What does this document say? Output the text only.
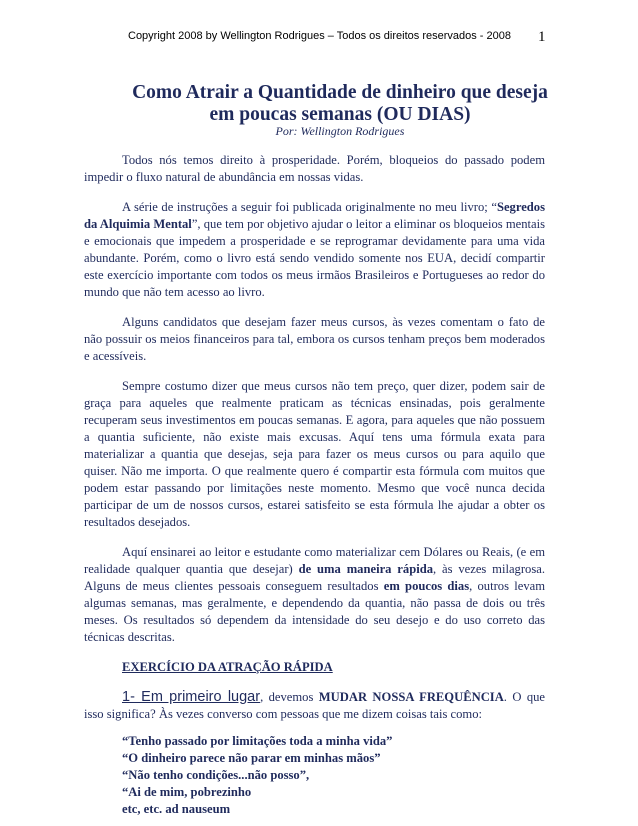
Copyright 2008 by Wellington Rodrigues – Todos os direitos reservados - 2008 1
Como Atrair a Quantidade de dinheiro que deseja
em poucas semanas (OU DIAS)
Por: Wellington Rodrigues

Todos nós temos direito à prosperidade. Porém, bloqueios do passado podem impedir o fluxo natural de abundância em nossas vidas.

A série de instruções a seguir foi publicada originalmente no meu livro; “Segredos da Alquimia Mental”, que tem por objetivo ajudar o leitor a eliminar os bloqueios mentais e emocionais que impedem a prosperidade e se reprogramar devidamente para uma vida abundante. Porém, como o livro está sendo vendido somente nos EUA, decidí compartir este exercício importante com todos os meus irmãos Brasileiros e Portugueses ao redor do mundo que não tem acesso ao livro.

Alguns candidatos que desejam fazer meus cursos, às vezes comentam o fato de não possuir os meios financeiros para tal, embora os cursos tenham preços bem moderados e acessíveis.

Sempre costumo dizer que meus cursos não tem preço, quer dizer, podem sair de graça para aqueles que realmente praticam as técnicas ensinadas, pois geralmente recuperam seus investimentos em poucas semanas. E agora, para aqueles que não possuem a quantia suficiente, não existe mais excusas. Aquí tens uma fórmula exata para materializar a quantia que desejas, seja para fazer os meus cursos ou para aquilo que quiser. Não me importa. O que realmente quero é compartir esta fórmula com muitos que podem estar passando por limitações neste momento. Mesmo que você nunca decida participar de um de nossos cursos, estarei satisfeito se esta fórmula lhe ajudar a obter os resultados desejados.

Aquí ensinarei ao leitor e estudante como materializar cem Dólares ou Reais, (e em realidade qualquer quantia que desejar) de uma maneira rápida, às vezes milagrosa. Alguns de meus clientes pessoais conseguem resultados em poucos dias, outros levam algumas semanas, mas geralmente, e dependendo da quantia, não passa de dois ou três meses. Os resultados só dependem da intensidade do seu desejo e do uso correto das técnicas descritas.

EXERCÍCIO DA ATRAÇÃO RÁPIDA

1- Em primeiro lugar, devemos MUDAR NOSSA FREQUÊNCIA. O que isso significa? Às vezes converso com pessoas que me dizem coisas tais como:

“Tenho passado por limitações toda a minha vida”
“O dinheiro parece não parar em minhas mãos”
“Não tenho condições...não posso”,
“Ai de mim, pobrezinho
etc, etc. ad nauseum
